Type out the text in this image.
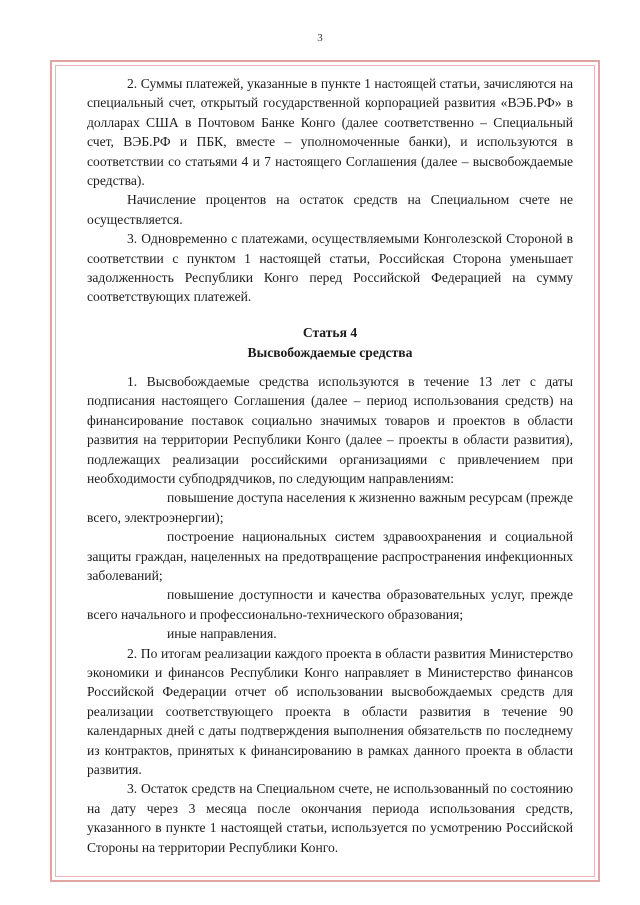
3

2. Суммы платежей, указанные в пункте 1 настоящей статьи, зачисляются на специальный счет, открытый государственной корпорацией развития «ВЭБ.РФ» в долларах США в Почтовом Банке Конго (далее соответственно – Специальный счет, ВЭБ.РФ и ПБК, вместе – уполномоченные банки), и используются в соответствии со статьями 4 и 7 настоящего Соглашения (далее – высвобождаемые средства).

Начисление процентов на остаток средств на Специальном счете не осуществляется.

3. Одновременно с платежами, осуществляемыми Конголезской Стороной в соответствии с пунктом 1 настоящей статьи, Российская Сторона уменьшает задолженность Республики Конго перед Российской Федерацией на сумму соответствующих платежей.

Статья 4
Высвобождаемые средства

1. Высвобождаемые средства используются в течение 13 лет с даты подписания настоящего Соглашения (далее – период использования средств) на финансирование поставок социально значимых товаров и проектов в области развития на территории Республики Конго (далее – проекты в области развития), подлежащих реализации российскими организациями с привлечением при необходимости субподрядчиков, по следующим направлениям:

повышение доступа населения к жизненно важным ресурсам (прежде всего, электроэнергии);

построение национальных систем здравоохранения и социальной защиты граждан, нацеленных на предотвращение распространения инфекционных заболеваний;

повышение доступности и качества образовательных услуг, прежде всего начального и профессионально-технического образования;

иные направления.

2. По итогам реализации каждого проекта в области развития Министерство экономики и финансов Республики Конго направляет в Министерство финансов Российской Федерации отчет об использовании высвобождаемых средств для реализации соответствующего проекта в области развития в течение 90 календарных дней с даты подтверждения выполнения обязательств по последнему из контрактов, принятых к финансированию в рамках данного проекта в области развития.

3. Остаток средств на Специальном счете, не использованный по состоянию на дату через 3 месяца после окончания периода использования средств, указанного в пункте 1 настоящей статьи, используется по усмотрению Российской Стороны на территории Республики Конго.
